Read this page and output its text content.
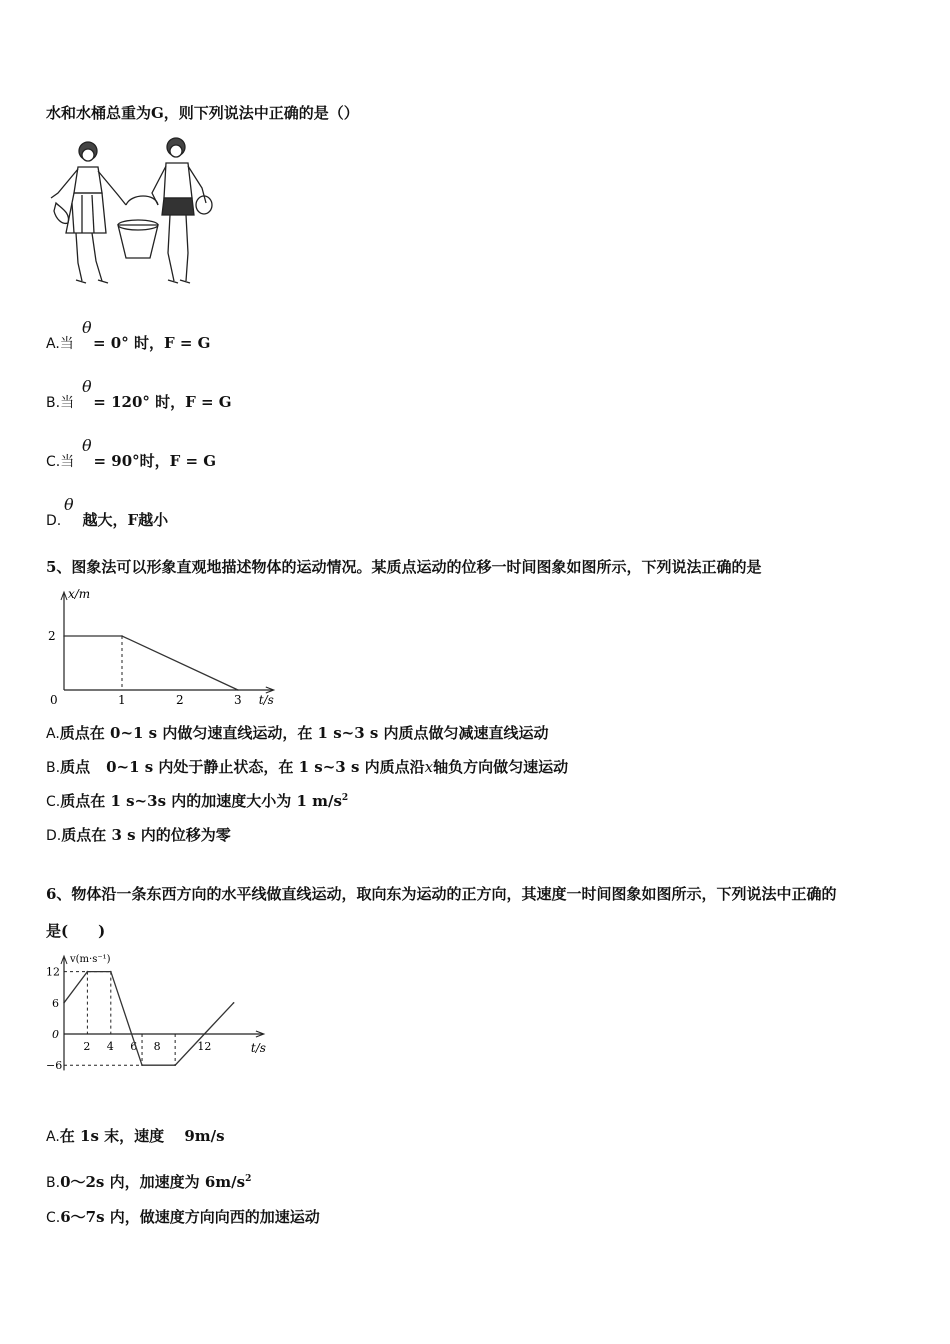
水和水桶总重为G，则下列说法中正确的是（）
A.当
θ
= 0° 时，F = G
B.当
θ
= 120° 时，F = G
C.当
θ
= 90°时，F = G
D.
θ
越大，F越小
5、图象法可以形象直观地描述物体的运动情况。某质点运动的位移一时间图象如图所示，下列说法正确的是
x/m
t/s
0	1	2	3
2
A.质点在 0~1 s 内做匀速直线运动，在 1 s~3 s 内质点做匀减速直线运动
B.质点 0~1 s 内处于静止状态，在 1 s~3 s 内质点沿x轴负方向做匀速运动
C.质点在 1 s~3s 内的加速度大小为 1 $m/s^2$
D.质点在 3 s 内的位移为零
6、物体沿一条东西方向的水平线做直线运动，取向东为运动的正方向，其速度一时间图象如图所示，下列说法中正确的
是(　　)
v(m·s⁻¹)
t/s
2 4 6 8	12
12
6
0
−6
A.在 1s 末，速度　 9m/s
B.0～2s 内，加速度为 $6m/s^2$
C.6～7s 内，做速度方向向西的加速运动
